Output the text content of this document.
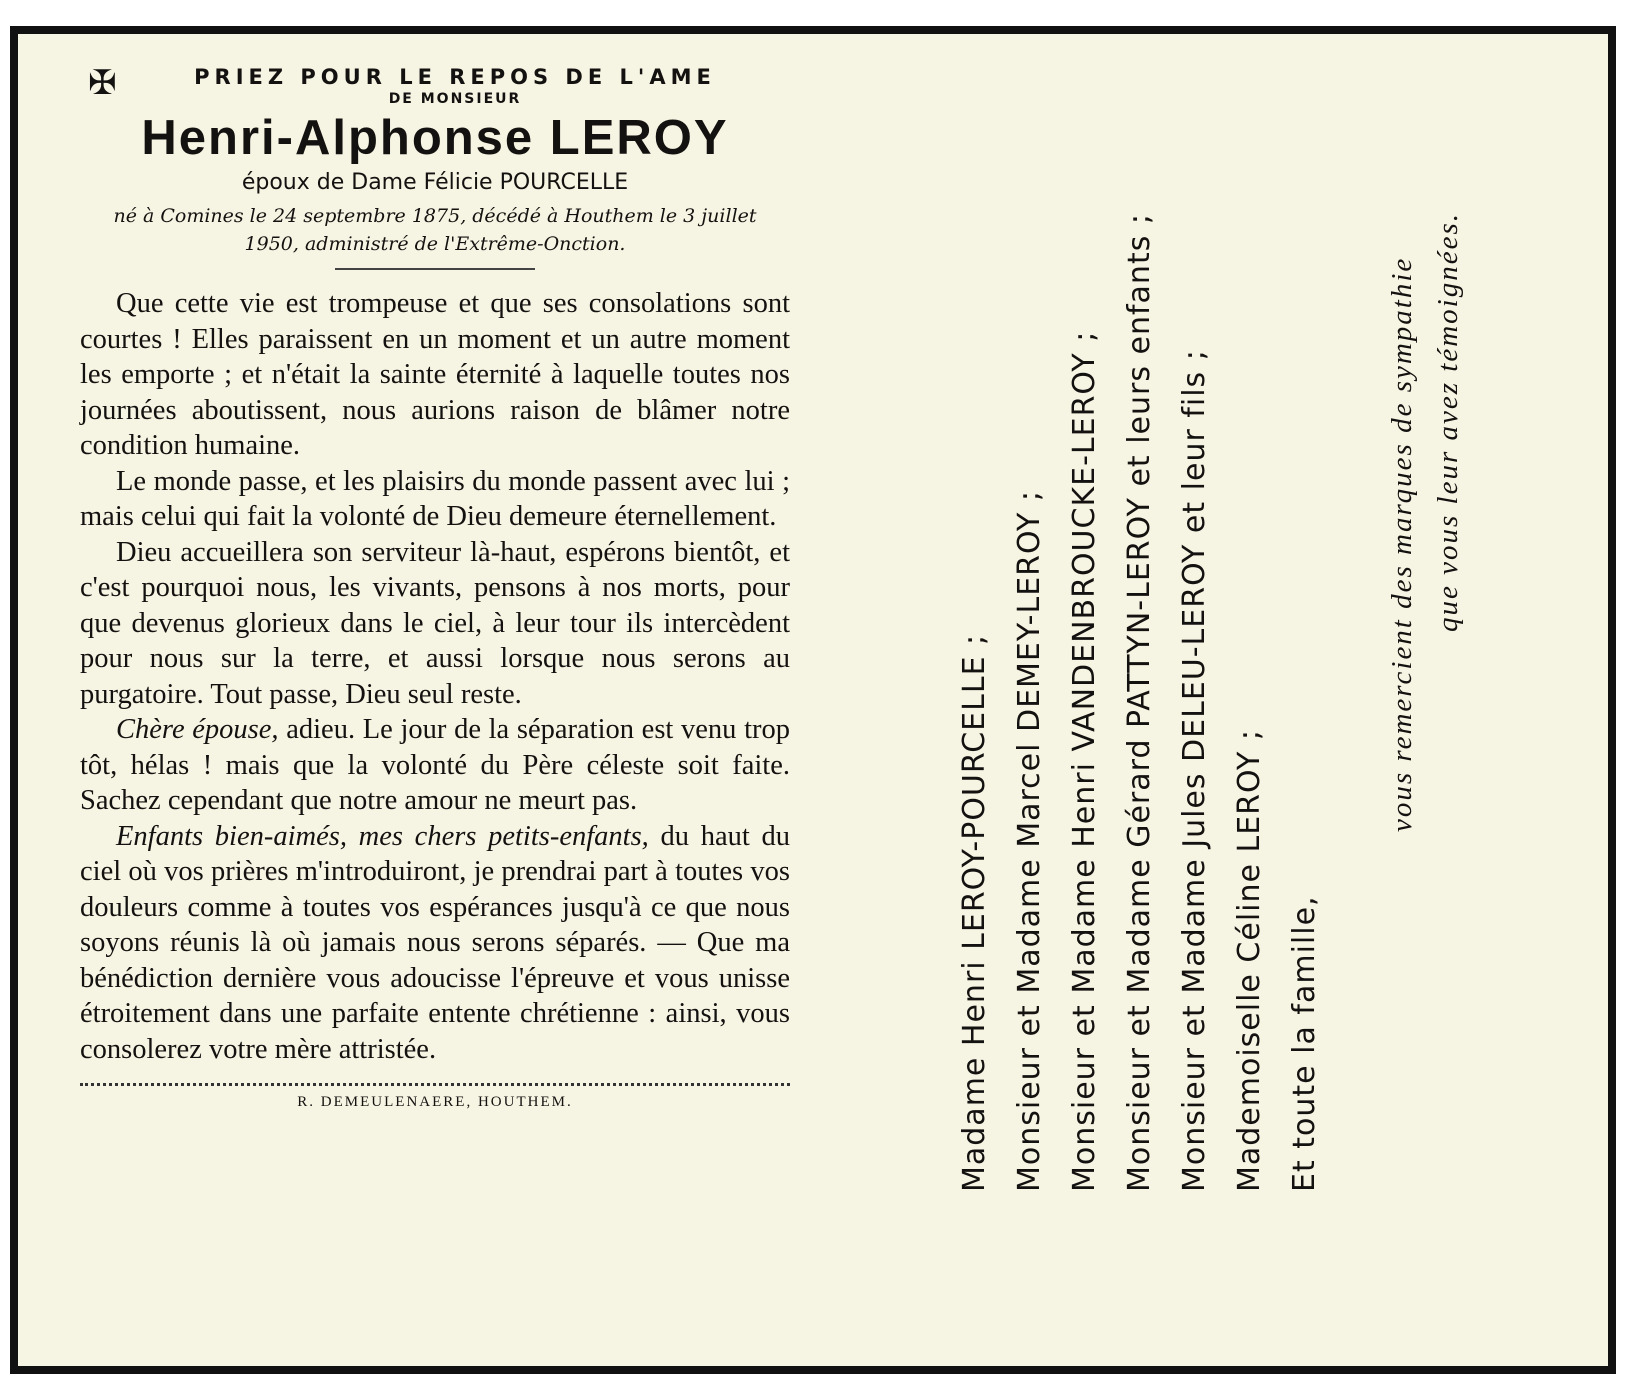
✠	PRIEZ POUR LE REPOS DE L'AME
DE MONSIEUR
Henri-Alphonse LEROY
époux de Dame Félicie POURCELLE
né à Comines le 24 septembre 1875, décédé à Houthem le 3 juillet 1950, administré de l'Extrême-Onction.

Que cette vie est trompeuse et que ses consolations sont courtes ! Elles paraissent en un moment et un autre moment les emporte ; et n'était la sainte éternité à laquelle toutes nos journées aboutissent, nous aurions raison de blâmer notre condition humaine.

Le monde passe, et les plaisirs du monde passent avec lui ; mais celui qui fait la volonté de Dieu demeure éternellement.

Dieu accueillera son serviteur là-haut, espérons bientôt, et c'est pourquoi nous, les vivants, pensons à nos morts, pour que devenus glorieux dans le ciel, à leur tour ils intercèdent pour nous sur la terre, et aussi lorsque nous serons au purgatoire. Tout passe, Dieu seul reste.

Chère épouse, adieu. Le jour de la séparation est venu trop tôt, hélas ! mais que la volonté du Père céleste soit faite. Sachez cependant que notre amour ne meurt pas.

Enfants bien-aimés, mes chers petits-enfants, du haut du ciel où vos prières m'introduiront, je prendrai part à toutes vos douleurs comme à toutes vos espérances jusqu'à ce que nous soyons réunis là où jamais nous serons séparés. — Que ma bénédiction dernière vous adoucisse l'épreuve et vous unisse étroitement dans une parfaite entente chrétienne : ainsi, vous consolerez votre mère attristée.

R. DEMEULENAERE, HOUTHEM.	Madame Henri LEROY-POURCELLE ; Monsieur et Madame Marcel DEMEY-LEROY ; Monsieur et Madame Henri VANDENBROUCKE-LEROY ; Monsieur et Madame Gérard PATTYN-LEROY et leurs enfants ; Monsieur et Madame Jules DELEU-LEROY et leur fils ; Mademoiselle Céline LEROY ; Et toute la famille,
vous remercient des marques de sympathie que vous leur avez témoignées.
